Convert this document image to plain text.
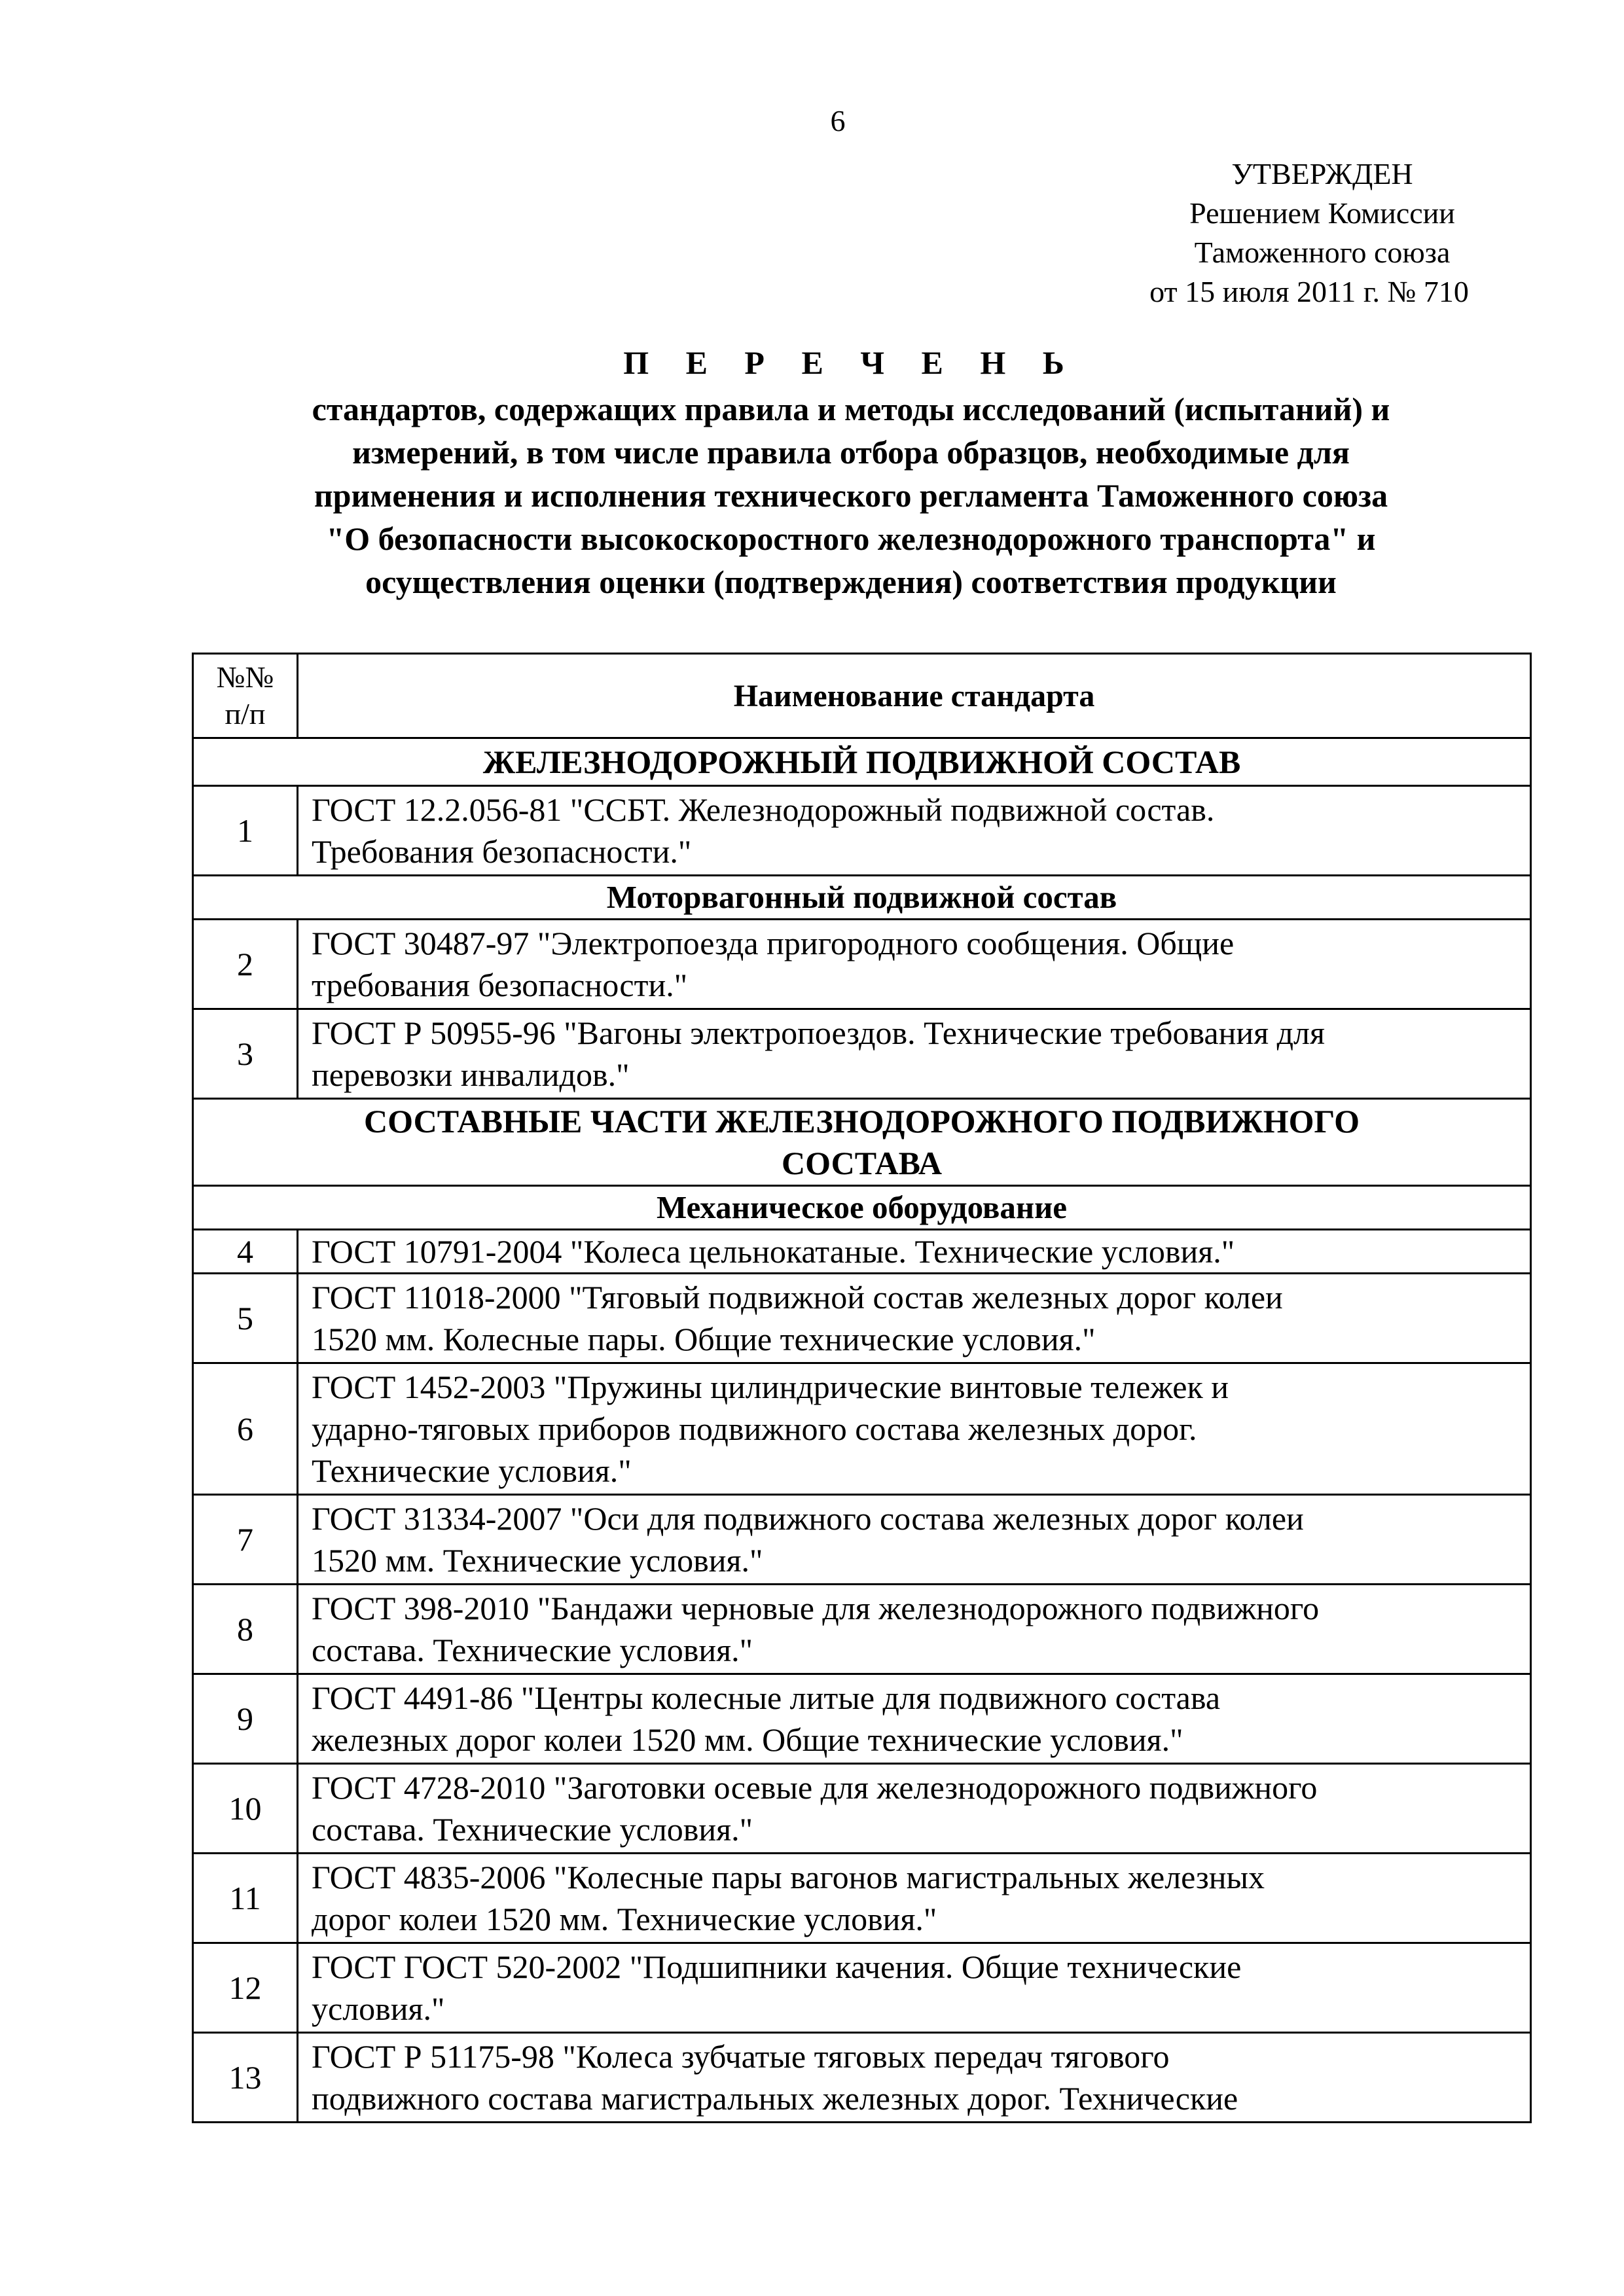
6
УТВЕРЖДЕН
Решением Комиссии
Таможенного союза
от 15 июля 2011 г. № 710
П Е Р Е Ч Е Н Ь
стандартов, содержащих правила и методы исследований (испытаний) и
измерений, в том числе правила отбора образцов, необходимые для
применения и исполнения технического регламента Таможенного союза
"О безопасности высокоскоростного железнодорожного транспорта" и
осуществления оценки (подтверждения) соответствия продукции
№№
п/п	Наименование стандарта
ЖЕЛЕЗНОДОРОЖНЫЙ ПОДВИЖНОЙ СОСТАВ	
1	ГОСТ 12.2.056-81 "ССБТ. Железнодорожный подвижной состав.
Требования безопасности."

Моторвагонный подвижной состав	
2	ГОСТ 30487-97 "Электропоезда пригородного сообщения. Общие
требования безопасности."

3	ГОСТ Р 50955-96 "Вагоны электропоездов. Технические требования для
перевозки инвалидов."

СОСТАВНЫЕ ЧАСТИ ЖЕЛЕЗНОДОРОЖНОГО ПОДВИЖНОГО
СОСТАВА	

Механическое оборудование	
4	ГОСТ 10791-2004 "Колеса цельнокатаные. Технические условия."

5	ГОСТ 11018-2000 "Тяговый подвижной состав железных дорог колеи
1520 мм. Колесные пары. Общие технические условия."

6	ГОСТ 1452-2003 "Пружины цилиндрические винтовые тележек и
ударно-тяговых приборов подвижного состава железных дорог.
Технические условия."

7	ГОСТ 31334-2007 "Оси для подвижного состава железных дорог колеи
1520 мм. Технические условия."

8	ГОСТ 398-2010 "Бандажи черновые для железнодорожного подвижного
состава. Технические условия."

9	ГОСТ 4491-86 "Центры колесные литые для подвижного состава
железных дорог колеи 1520 мм. Общие технические условия."

10	ГОСТ 4728-2010 "Заготовки осевые для железнодорожного подвижного
состава. Технические условия."

11	ГОСТ 4835-2006 "Колесные пары вагонов магистральных железных
дорог колеи 1520 мм. Технические условия."

12	ГОСТ ГОСТ 520-2002 "Подшипники качения. Общие технические
условия."

13	ГОСТ Р 51175-98 "Колеса зубчатые тяговых передач тягового
подвижного состава магистральных железных дорог. Технические
